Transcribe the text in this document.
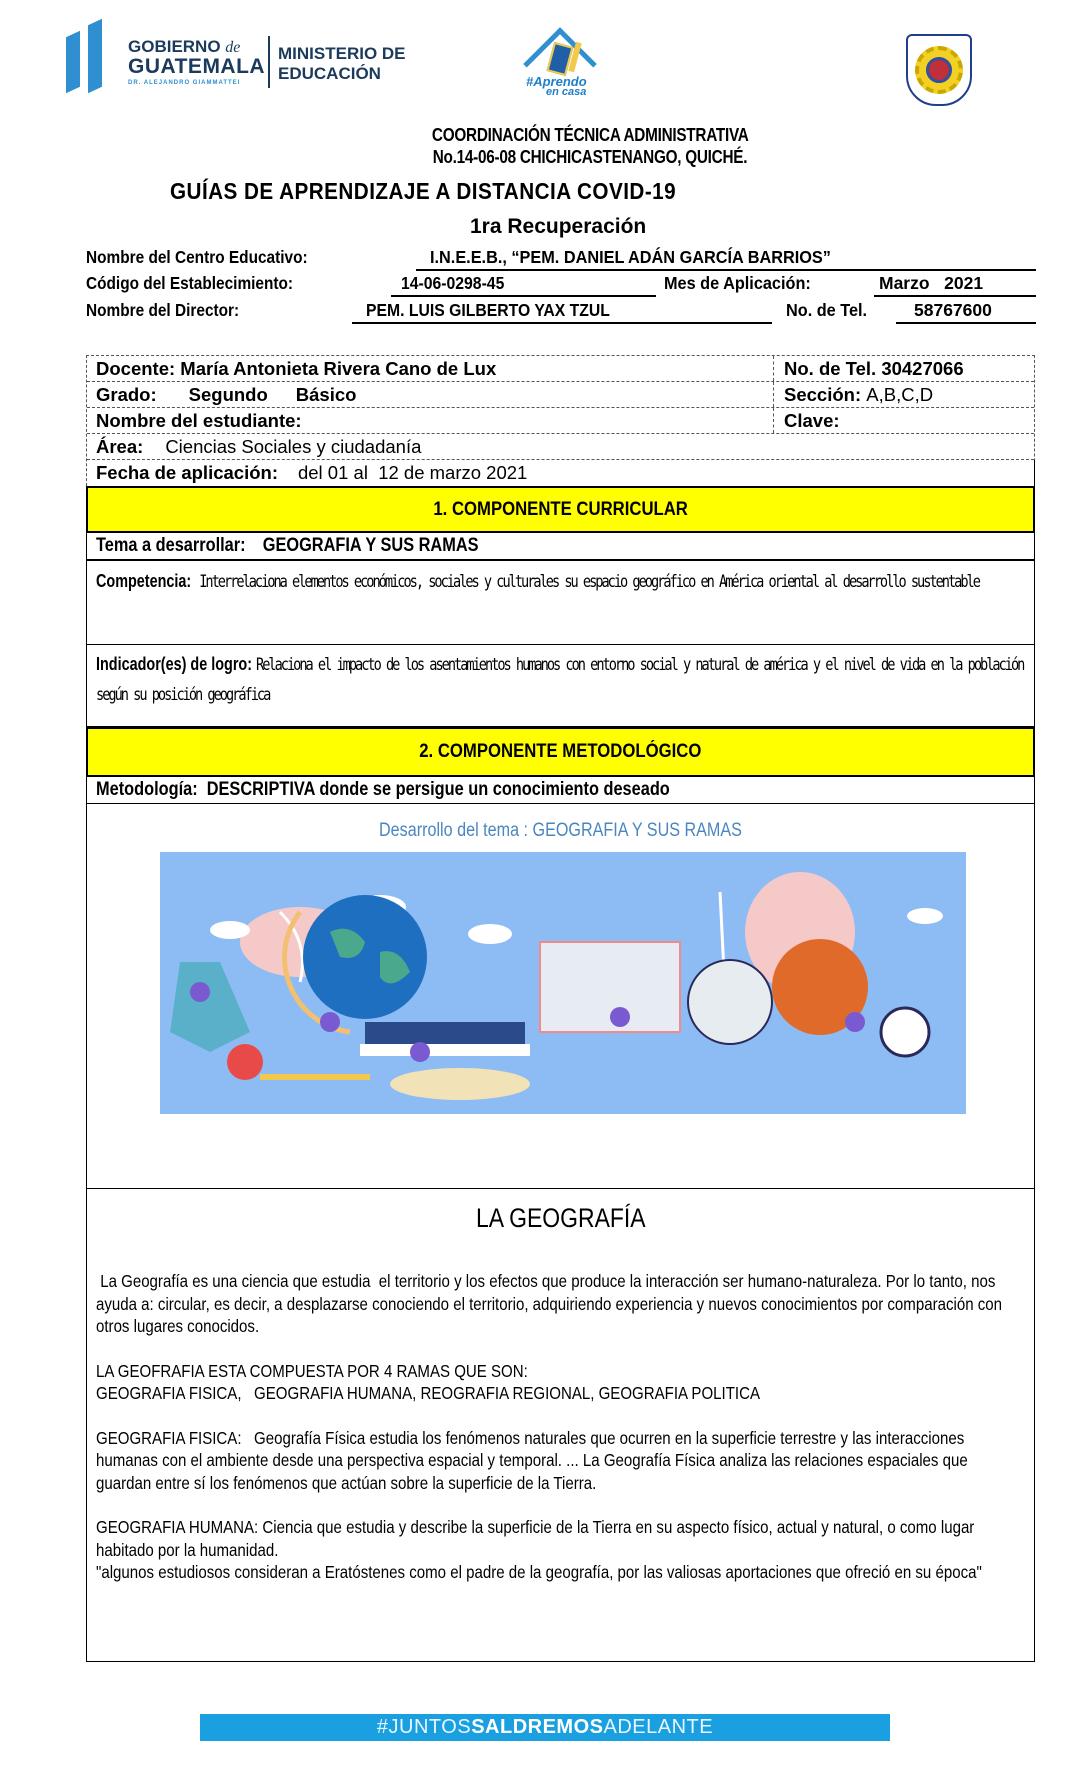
GOBIERNO de
GUATEMALA
DR. ALEJANDRO GIAMMATTEI
MINISTERIO DE
EDUCACIÓN	#Aprendo
en casa
COORDINACIÓN TÉCNICA ADMINISTRATIVA
No.14-06-08 CHICHICASTENANGO, QUICHÉ.
GUÍAS DE APRENDIZAJE A DISTANCIA COVID-19
1ra Recuperación
Nombre del Centro Educativo:	I.N.E.E.B., “PEM. DANIEL ADÁN GARCÍA BARRIOS”
Código del Establecimiento:	14-06-0298-45	Mes de Aplicación:	Marzo   2021
Nombre del Director:	PEM. LUIS GILBERTO YAX TZUL	No. de Tel.	58767600
Docente:
María Antonieta Rivera Cano de Lux	No. de Tel.
30427066
Grado: Segundo Básico	Sección:
A,B,C,D
Nombre del estudiante:
	Clave:

Área: Ciencias Sociales y ciudadanía
Fecha de aplicación: del 01 al  12 de marzo 2021
1. COMPONENTE CURRICULAR
Tema a desarrollar: GEOGRAFIA Y SUS RAMAS
Competencia: Interrelaciona elementos económicos, sociales y culturales su espacio geográfico en América oriental al desarrollo sustentable
Indicador(es) de logro: Relaciona el impacto de los asentamientos humanos con entorno social y natural de américa y el nivel de vida en la población según su posición geográfica
2. COMPONENTE METODOLÓGICO
Metodología: DESCRIPTIVA donde se persigue un conocimiento deseado
Desarrollo del tema : GEOGRAFIA Y SUS RAMAS
LA GEOGRAFÍA

La Geografía es una ciencia que estudia  el territorio y los efectos que produce la interacción ser humano-naturaleza. Por lo tanto, nos ayuda a: circular, es decir, a desplazarse conociendo el territorio, adquiriendo experiencia y nuevos conocimientos por comparación con otros lugares conocidos.

LA GEOFRAFIA ESTA COMPUESTA POR 4 RAMAS QUE SON:

GEOGRAFIA FISICA,   GEOGRAFIA HUMANA, REOGRAFIA REGIONAL, GEOGRAFIA POLITICA

GEOGRAFIA FISICA:   Geografía Física estudia los fenómenos naturales que ocurren en la superficie terrestre y las interacciones humanas con el ambiente desde una perspectiva espacial y temporal. ... La Geografía Física analiza las relaciones espaciales que guardan entre sí los fenómenos que actúan sobre la superficie de la Tierra.

GEOGRAFIA HUMANA: Ciencia que estudia y describe la superficie de la Tierra en su aspecto físico, actual y natural, o como lugar habitado por la humanidad.

"algunos estudiosos consideran a Eratóstenes como el padre de la geografía, por las valiosas aportaciones que ofreció en su época"

#JUNTOS SALDREMOS ADELANTE
